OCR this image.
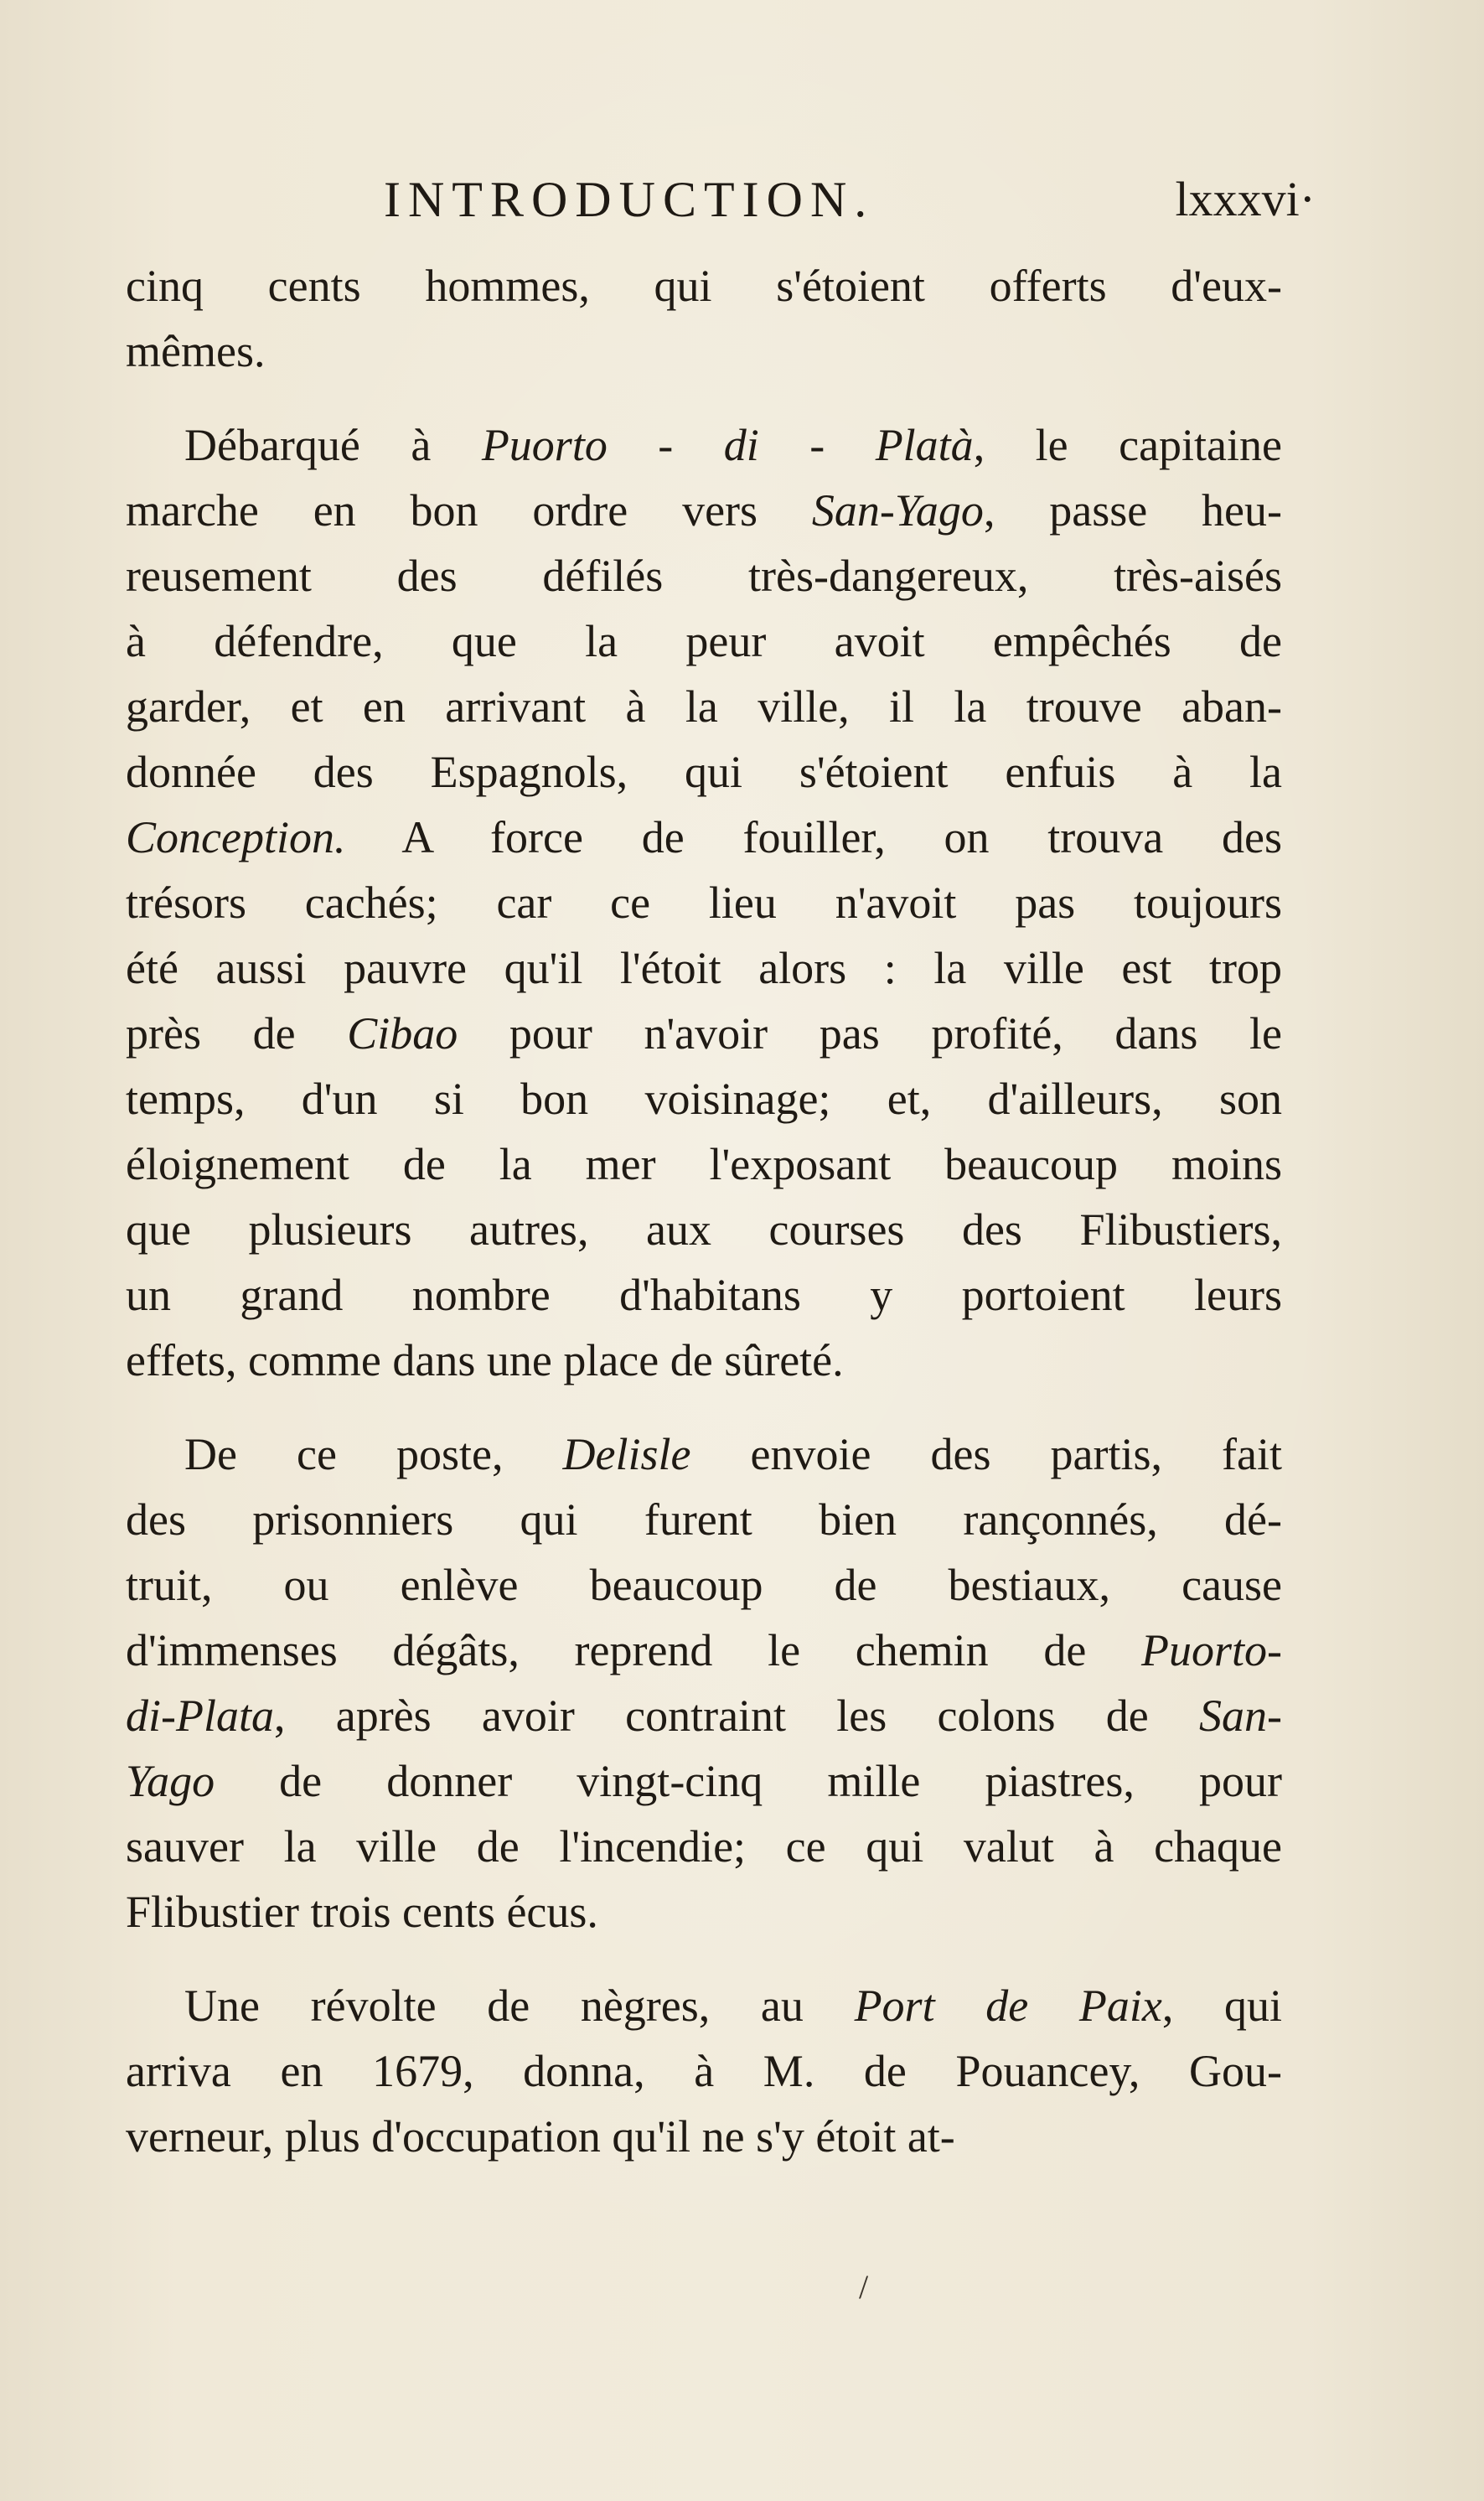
INTRODUCTION.	lxxxvi·
cinq cents hommes, qui s'étoient offerts d'eux-
mêmes.
Débarqué à Puorto - di - Platà, le capitaine
marche en bon ordre vers San-Yago, passe heu-
reusement des défilés très-dangereux, très-aisés
à défendre, que la peur avoit empêchés de
garder, et en arrivant à la ville, il la trouve aban-
donnée des Espagnols, qui s'étoient enfuis à la
Conception. A force de fouiller, on trouva des
trésors cachés; car ce lieu n'avoit pas toujours
été aussi pauvre qu'il l'étoit alors : la ville est trop
près de Cibao pour n'avoir pas profité, dans le
temps, d'un si bon voisinage; et, d'ailleurs, son
éloignement de la mer l'exposant beaucoup moins
que plusieurs autres, aux courses des Flibustiers,
un grand nombre d'habitans y portoient leurs
effets, comme dans une place de sûreté.
De ce poste, Delisle envoie des partis, fait
des prisonniers qui furent bien rançonnés, dé-
truit, ou enlève beaucoup de bestiaux, cause
d'immenses dégâts, reprend le chemin de Puorto-
di-Plata, après avoir contraint les colons de San-
Yago de donner vingt-cinq mille piastres, pour
sauver la ville de l'incendie; ce qui valut à chaque
Flibustier trois cents écus.
Une révolte de nègres, au Port de Paix, qui
arriva en 1679, donna, à M. de Pouancey, Gou-
verneur, plus d'occupation qu'il ne s'y étoit at-
/
